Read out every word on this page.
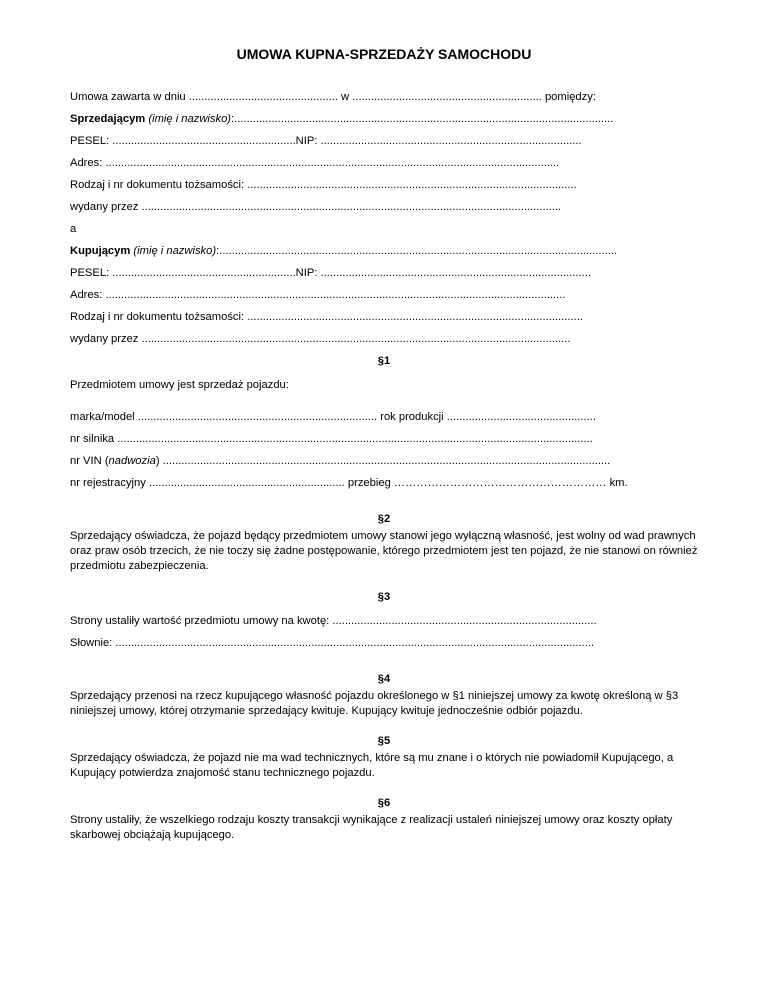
UMOWA KUPNA-SPRZEDAŻY SAMOCHODU
Umowa zawarta w dniu ................................................ w ............................................................. pomiędzy:
Sprzedającym (imię i nazwisko):..........................................................................................................................
PESEL: ...........................................................NIP: ....................................................................................
Adres: ..................................................................................................................................................
Rodzaj i nr dokumentu tożsamości: ..........................................................................................................
wydany przez .......................................................................................................................................
a
Kupującym (imię i nazwisko):................................................................................................................................
PESEL: ...........................................................NIP: .......................................................................................
Adres: ....................................................................................................................................................
Rodzaj i nr dokumentu tożsamości: ............................................................................................................
wydany przez ..........................................................................................................................................
§1
Przedmiotem umowy jest sprzedaż pojazdu:
marka/model ............................................................................. rok produkcji ................................................
nr silnika .........................................................................................................................................................
nr VIN (nadwozia) ................................................................................................................................................
nr rejestracyjny ............................................................... przebieg ………………………………………………… km.
§2
Sprzedający oświadcza, że pojazd będący przedmiotem umowy stanowi jego wyłączną własność, jest wolny od wad prawnych oraz praw osób trzecich, że nie toczy się żadne postępowanie, którego przedmiotem jest ten pojazd, że nie stanowi on również przedmiotu zabezpieczenia.
§3
Strony ustaliły wartość przedmiotu umowy na kwotę: .....................................................................................
Słownie: ..........................................................................................................................................................
§4
Sprzedający przenosi na rzecz kupującego własność pojazdu określonego w §1 niniejszej umowy za kwotę określoną w §3 niniejszej umowy, której otrzymanie sprzedający kwituje. Kupujący kwituje jednocześnie odbiór pojazdu.
§5
Sprzedający oświadcza, że pojazd nie ma wad technicznych, które są mu znane i o których nie powiadomił Kupującego, a Kupujący potwierdza znajomość stanu technicznego pojazdu.
§6
Strony ustaliły, że wszelkiego rodzaju koszty transakcji wynikające z realizacji ustaleń niniejszej umowy oraz koszty opłaty skarbowej obciążają kupującego.
